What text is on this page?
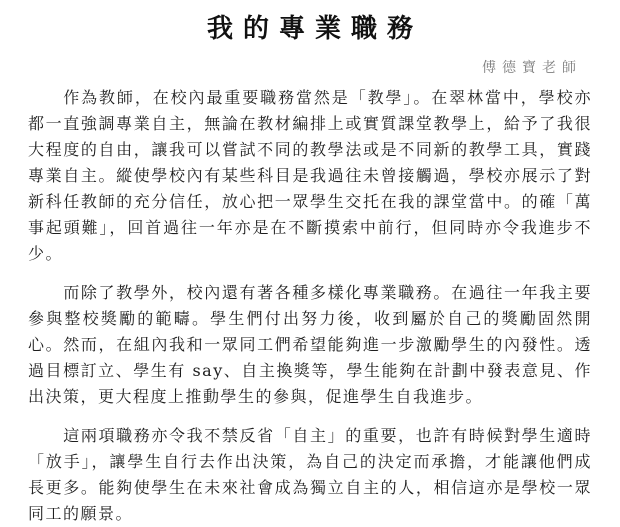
我的專業職務
傅德寶老師

作為教師，在校內最重要職務當然是「教學」。在翠林當中，學校亦都一直強調專業自主，無論在教材編排上或實質課堂教學上，給予了我很大程度的自由，讓我可以嘗試不同的教學法或是不同新的教學工具，實踐專業自主。縱使學校內有某些科目是我過往未曾接觸過，學校亦展示了對新科任教師的充分信任，放心把一眾學生交托在我的課堂當中。的確「萬事起頭難」，回首過往一年亦是在不斷摸索中前行，但同時亦令我進步不少。

而除了教學外，校內還有著各種多樣化專業職務。在過往一年我主要參與整校獎勵的範疇。學生們付出努力後，收到屬於自己的獎勵固然開心。然而，在組內我和一眾同工們希望能夠進一步激勵學生的內發性。透過目標訂立、學生有 say、自主換獎等，學生能夠在計劃中發表意見、作出決策，更大程度上推動學生的參與，促進學生自我進步。

這兩項職務亦令我不禁反省「自主」的重要，也許有時候對學生適時「放手」，讓學生自行去作出決策，為自己的決定而承擔，才能讓他們成長更多。能夠使學生在未來社會成為獨立自主的人，相信這亦是學校一眾同工的願景。
